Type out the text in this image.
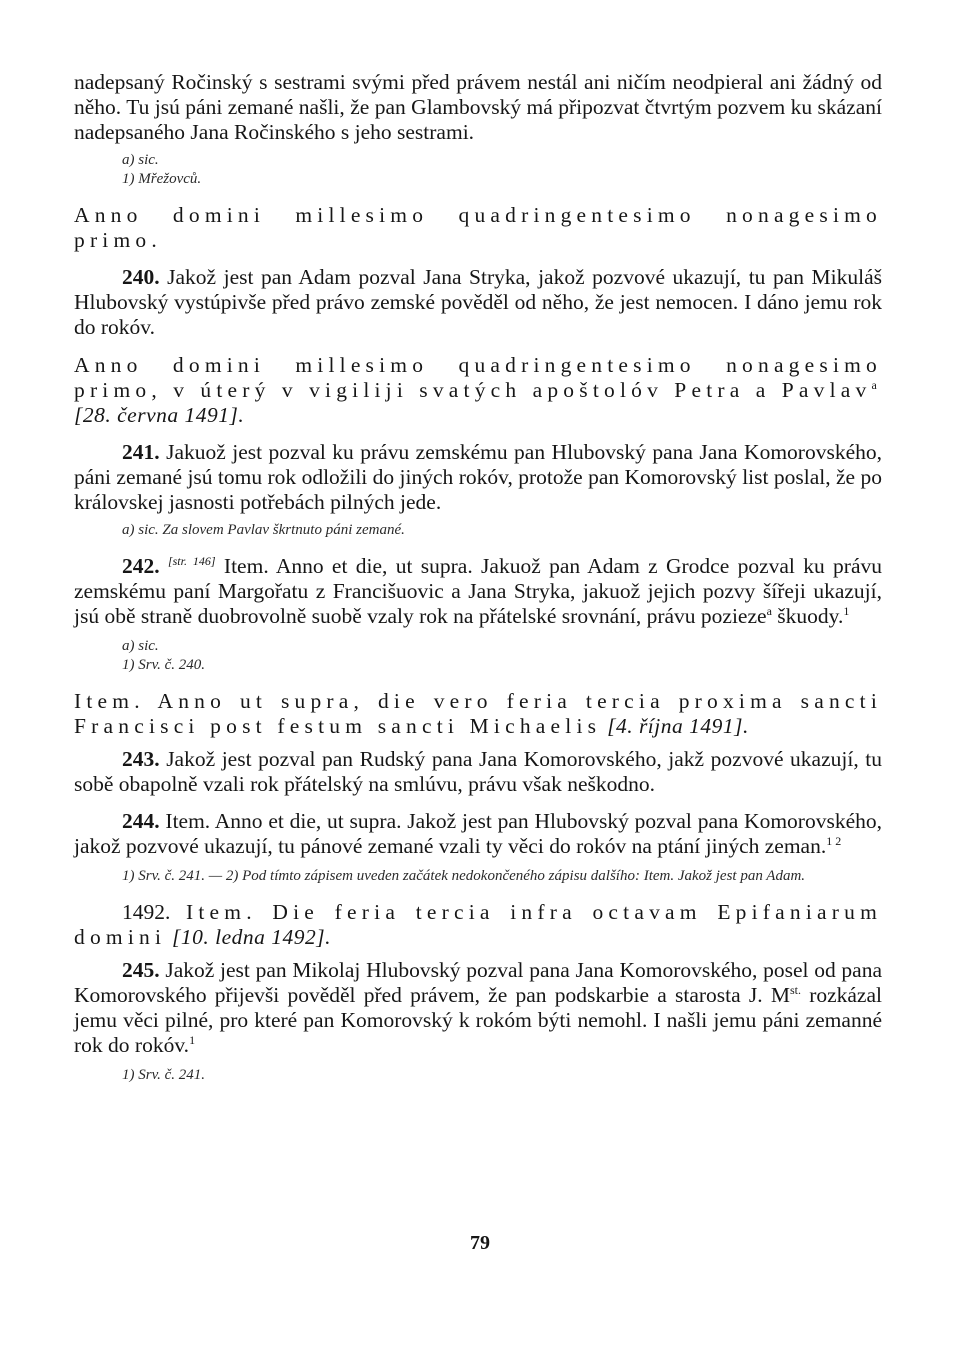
nadepsaný Ročinský s sestrami svými před právem nestál ani ničím neodpieral ani žádný od něho. Tu jsú páni zemané našli, že pan Glambovský má připozvat čtvrtým pozvem ku skázaní nadepsaného Jana Ročinského s jeho sestrami.

a) sic.

1) Mřežovců.

Anno domini millesimo quadringentesimo nonagesimo primo.

240. Jakož jest pan Adam pozval Jana Stryka, jakož pozvové ukazují, tu pan Mikuláš Hlubovský vystúpivše před právo zemské pověděl od něho, že jest nemocen. I dáno jemu rok do rokóv.

Anno domini millesimo quadringentesimo nonagesimo primo, v úterý v vigiliji svatých apoštolóv Petra a Pavlav$^a$ [28. června 1491].

241. Jakuož jest pozval ku právu zemskému pan Hlubovský pana Jana Komorovského, páni zemané jsú tomu rok odložili do jiných rokóv, protože pan Komorovský list poslal, že po královskej jasnosti potřebách pilných jede.

a) sic. Za slovem Pavlav škrtnuto páni zemané.

242. [str. 146] Item. Anno et die, ut supra. Jakuož pan Adam z Grodce pozval ku právu zemskému paní Margořatu z Francišuovic a Jana Stryka, jakuož jejich pozvy šířeji ukazují, jsú obě straně duobrovolně suobě vzaly rok na přátelské srovnání, právu pozieze$^a$ škuody.$^1$

a) sic.

1) Srv. č. 240.

Item. Anno ut supra, die vero feria tercia proxima sancti Francisci post festum sancti Michaelis [4. října 1491].

243. Jakož jest pozval pan Rudský pana Jana Komorovského, jakž pozvové ukazují, tu sobě obapolně vzali rok přátelský na smlúvu, právu však neškodno.

244. Item. Anno et die, ut supra. Jakož jest pan Hlubovský pozval pana Komorovského, jakož pozvové ukazují, tu pánové zemané vzali ty věci do rokóv na ptání jiných zeman.$^{1 2}$

1) Srv. č. 241. — 2) Pod tímto zápisem uveden začátek nedokončeného zápisu dalšího: Item. Jakož jest pan Adam.

1492. Item. Die feria tercia infra octavam Epifaniarum domini [10. ledna 1492].

245. Jakož jest pan Mikolaj Hlubovský pozval pana Jana Komorovského, posel od pana Komorovského přijevši pověděl před právem, že pan podskarbie a starosta J. $M^{st.}$ rozkázal jemu věci pilné, pro které pan Komorovský k rokóm býti nemohl. I našli jemu páni zemanné rok do rokóv.$^1$

1) Srv. č. 241.

79
